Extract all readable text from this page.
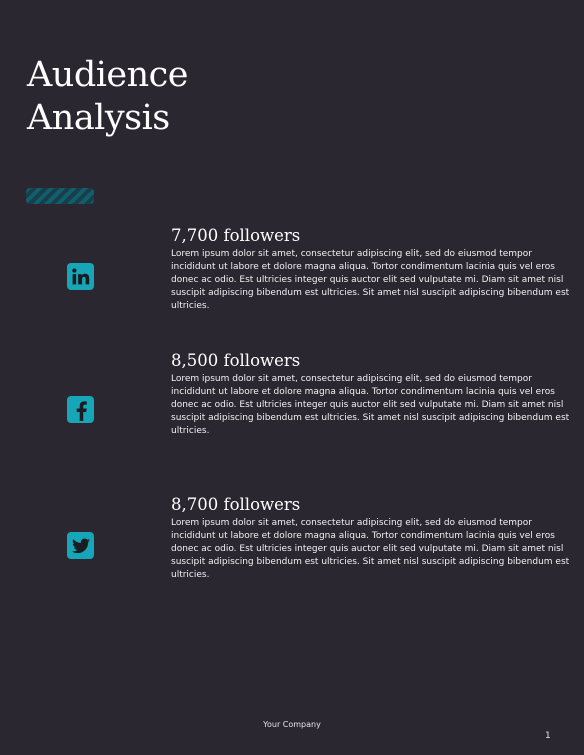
Audience
Analysis
7,700 followers
Lorem ipsum dolor sit amet, consectetur adipiscing elit, sed do eiusmod tempor incididunt ut labore et dolore magna aliqua. Tortor condimentum lacinia quis vel eros donec ac odio. Est ultricies integer quis auctor elit sed vulputate mi. Diam sit amet nisl suscipit adipiscing bibendum est ultricies. Sit amet nisl suscipit adipiscing bibendum est ultricies.
8,500 followers
Lorem ipsum dolor sit amet, consectetur adipiscing elit, sed do eiusmod tempor incididunt ut labore et dolore magna aliqua. Tortor condimentum lacinia quis vel eros donec ac odio. Est ultricies integer quis auctor elit sed vulputate mi. Diam sit amet nisl suscipit adipiscing bibendum est ultricies. Sit amet nisl suscipit adipiscing bibendum est ultricies.
8,700 followers
Lorem ipsum dolor sit amet, consectetur adipiscing elit, sed do eiusmod tempor incididunt ut labore et dolore magna aliqua. Tortor condimentum lacinia quis vel eros donec ac odio. Est ultricies integer quis auctor elit sed vulputate mi. Diam sit amet nisl suscipit adipiscing bibendum est ultricies. Sit amet nisl suscipit adipiscing bibendum est ultricies.
Your Company
1
